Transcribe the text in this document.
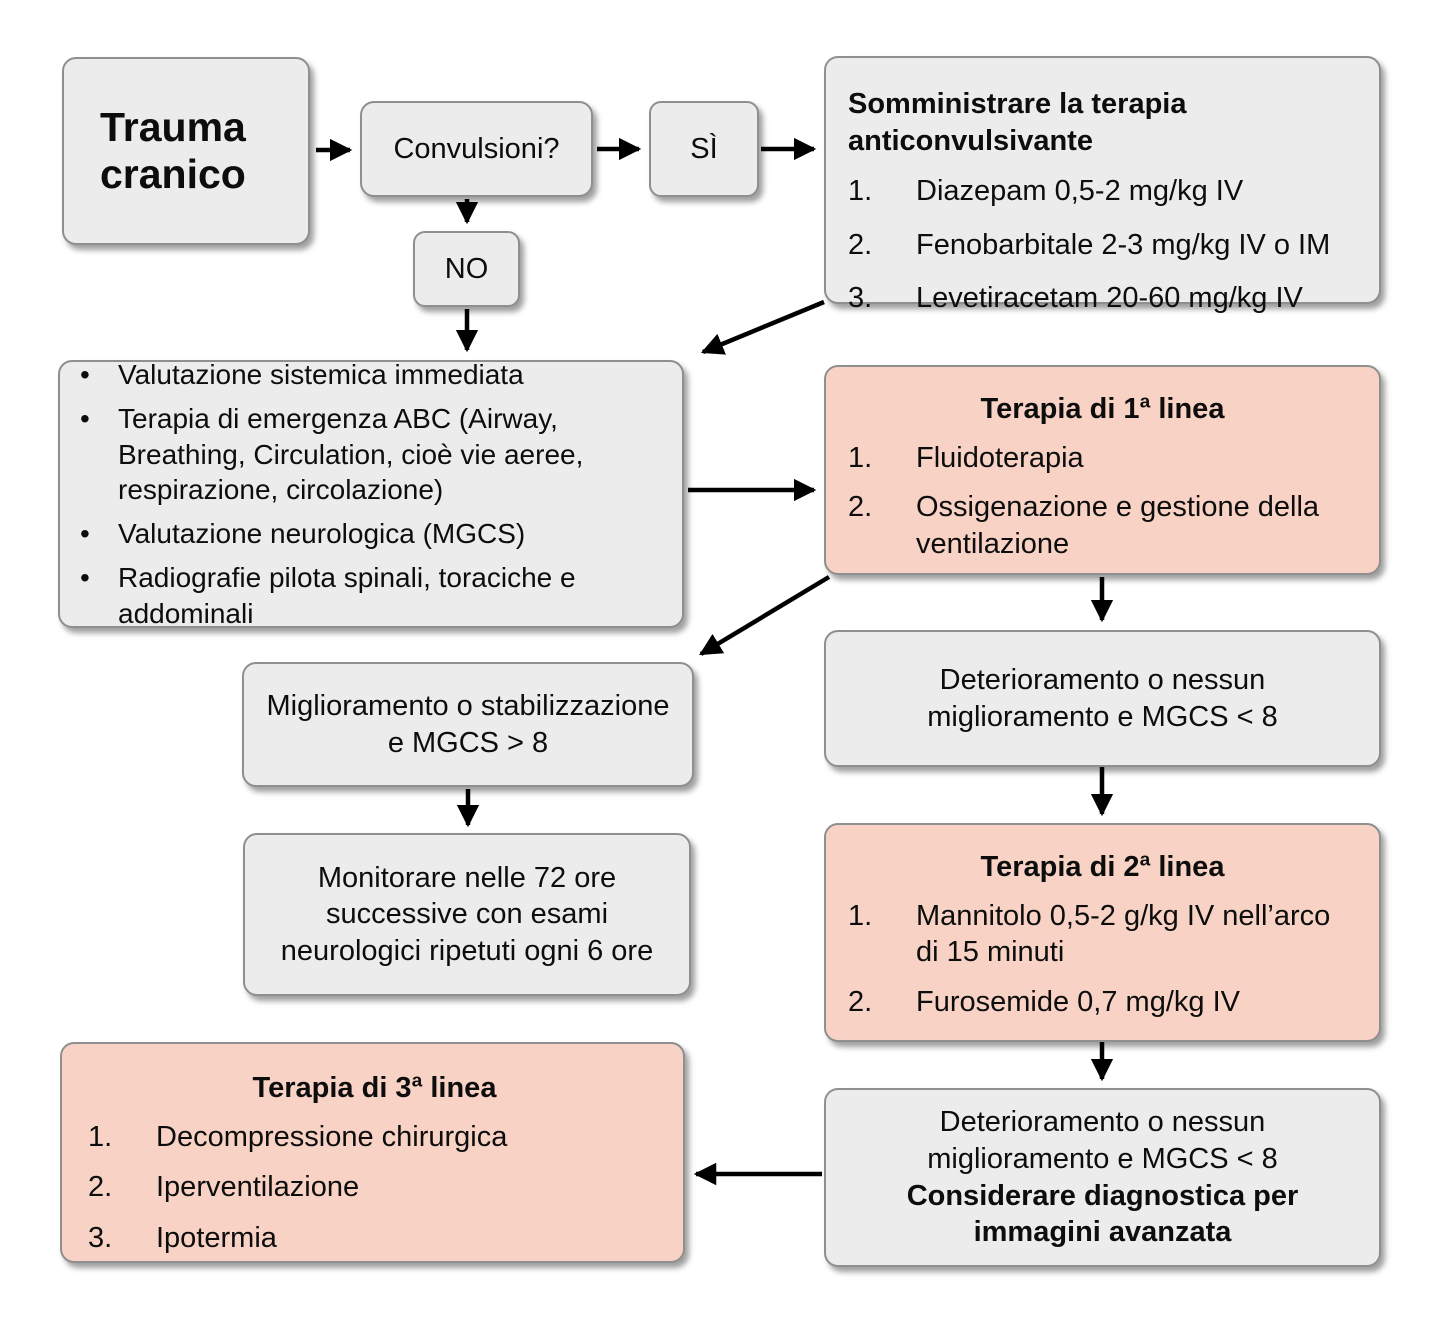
Trauma cranico
Convulsioni?	SÌ
NO
Somministrare la terapia anticonvulsivante
1.	Diazepam 0,5-2 mg/kg IV
2.	Fenobarbitale 2-3 mg/kg IV o IM
3.	Levetiracetam 20-60 mg/kg IV
•	Valutazione sistemica immediata
•	Terapia di emergenza ABC (Airway, Breathing, Circulation, cioè vie aeree, respirazione, circolazione)
•	Valutazione neurologica (MGCS)
•	Radiografie pilota spinali, toraciche e addominali
Terapia di 1ª linea
1.	Fluidoterapia
2.	Ossigenazione e gestione della ventilazione
Miglioramento o stabilizzazione e MGCS > 8
Deterioramento o nessun miglioramento e MGCS < 8
Monitorare nelle 72 ore successive con esami neurologici ripetuti ogni 6 ore
Terapia di 2ª linea
1.	Mannitolo 0,5-2 g/kg IV nell’arco di 15 minuti
2.	Furosemide 0,7 mg/kg IV
Terapia di 3ª linea
1.	Decompressione chirurgica
2.	Iperventilazione
3.	Ipotermia
Deterioramento o nessun miglioramento e MGCS < 8
Considerare diagnostica per immagini avanzata
